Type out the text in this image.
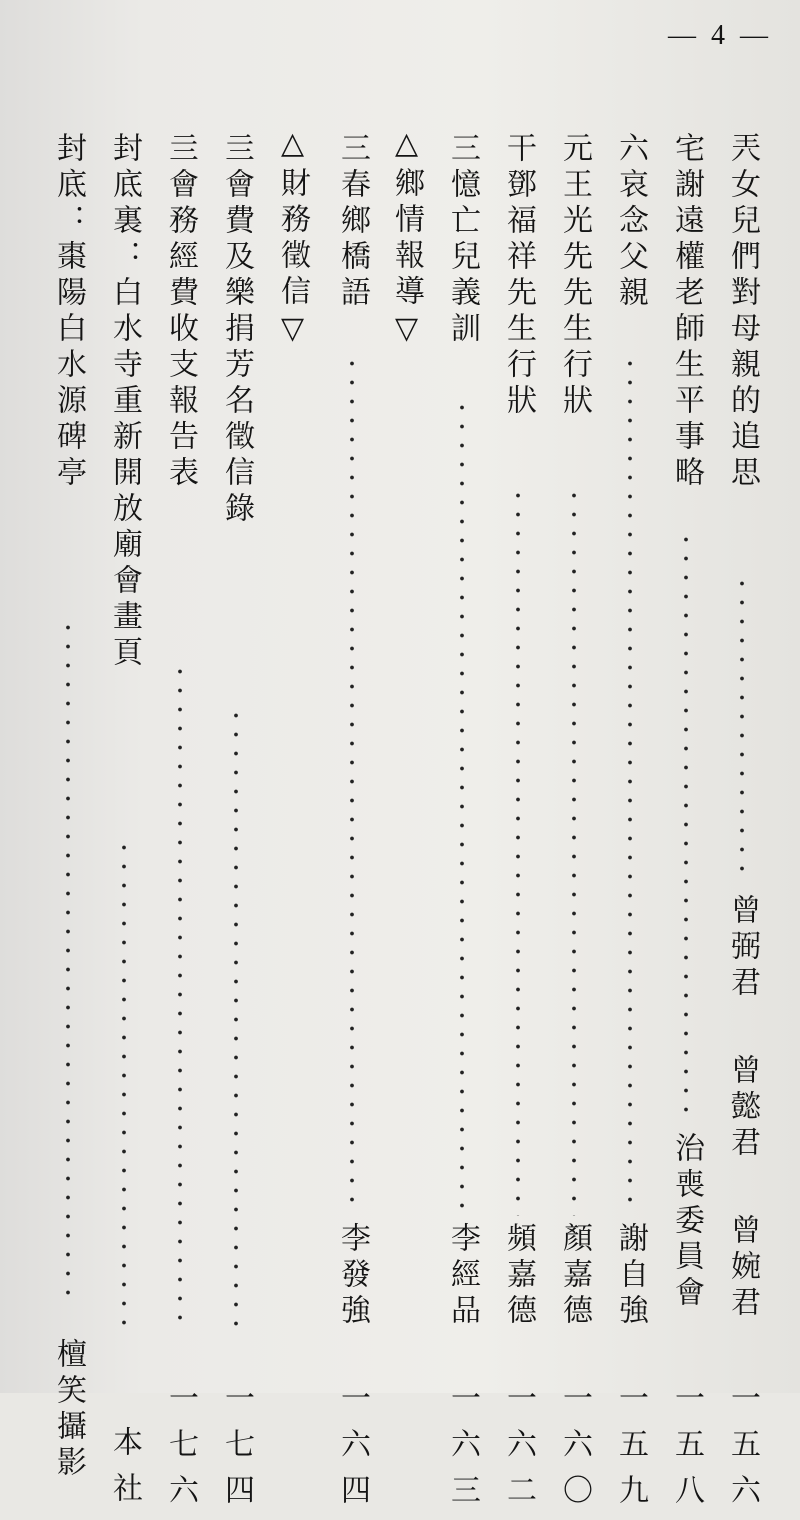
— 4 —
兲女兒們對母親的追思
曾弼君
曾懿君
曾婉君
一五六
宅謝遠權老師生平事略
治喪委員會
一五八
六哀念父親
謝自強
一五九
元王光先先生行狀
顏嘉德
一六〇
干鄧福祥先生行狀
頻嘉德
一六二
三憶亡兒義訓
李經品
一六三
△鄉情報導▽
三春鄉橋語
李發強
一六四
△財務徵信▽
亖會費及樂捐芳名徵信錄
一七四
亖會務經費收支報告表
一七六
封底裏：白水寺重新開放廟會畫頁
本社
封底：棗陽白水源碑亭
檀笑攝影
